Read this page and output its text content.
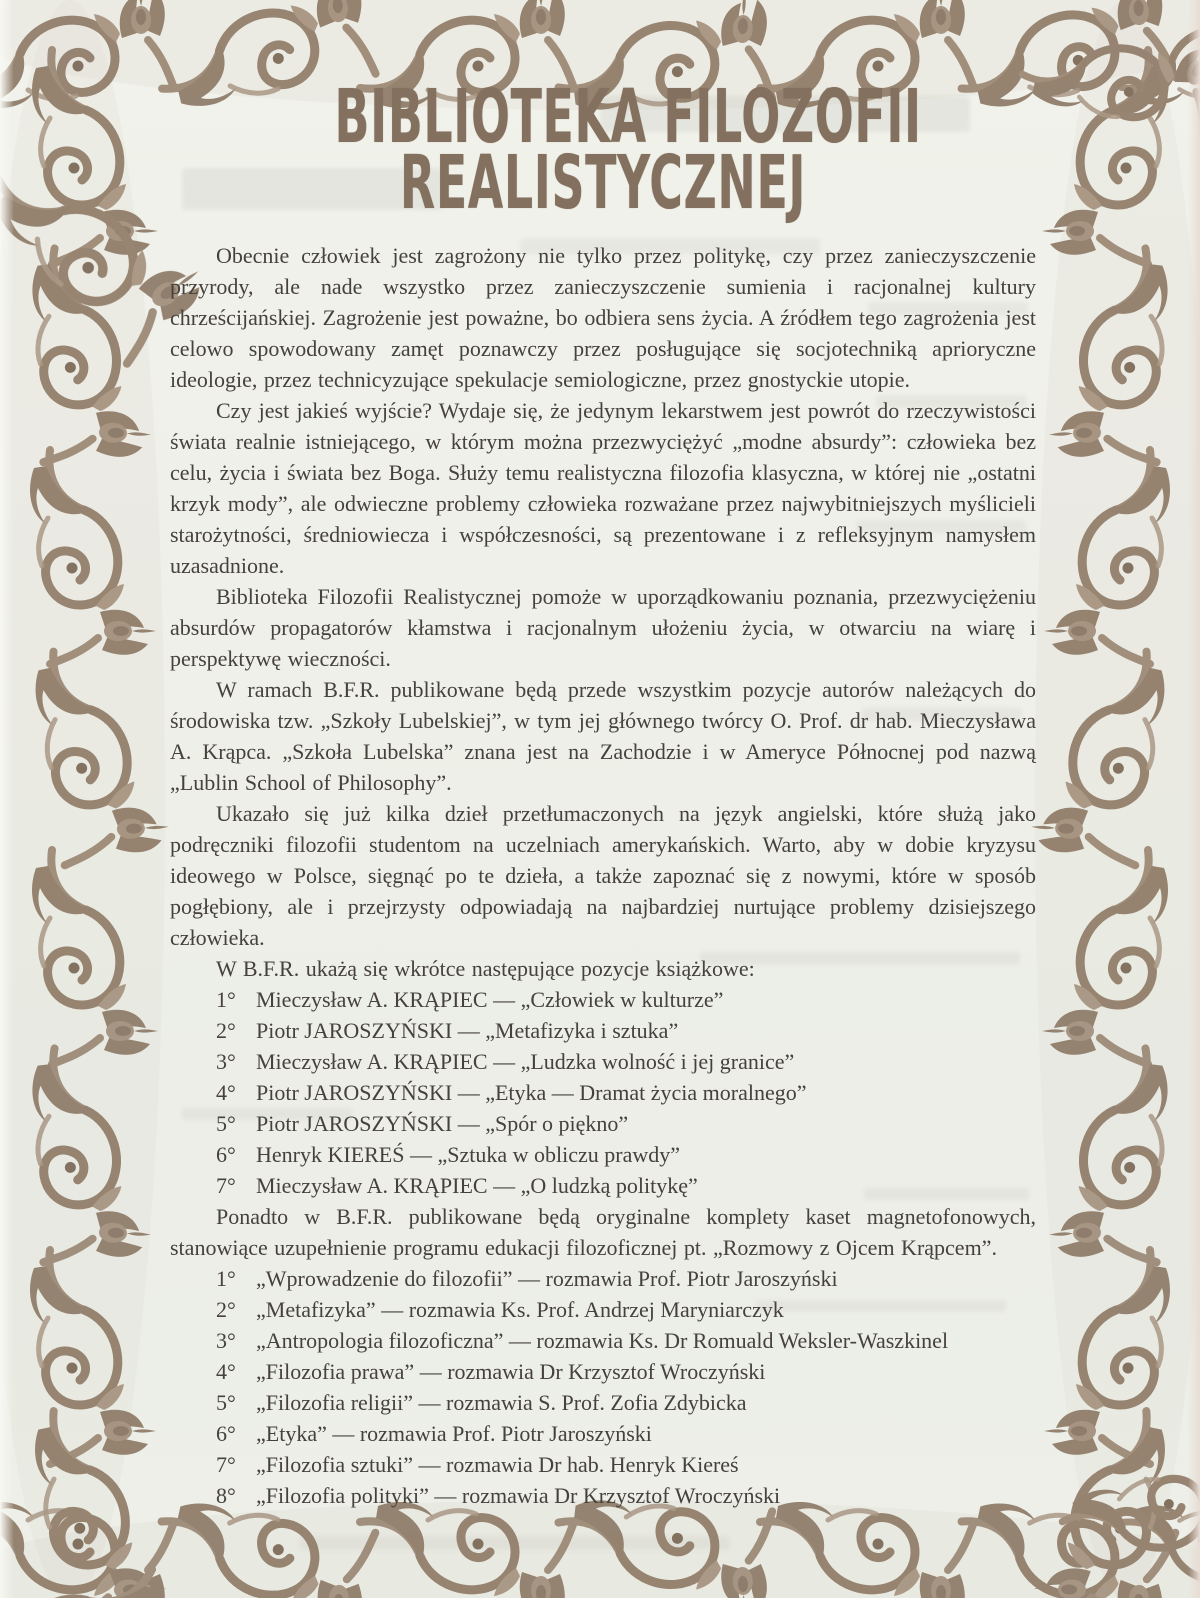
BIBLIOTEKA FILOZOFII
REALISTYCZNEJ

Obecnie człowiek jest zagrożony nie tylko przez politykę, czy przez zanieczyszczenie przyrody, ale nade wszystko przez zanieczyszczenie sumienia i racjonalnej kultury chrześcijańskiej. Zagrożenie jest poważne, bo odbiera sens życia. A źródłem tego zagrożenia jest celowo spowodowany zamęt poznawczy przez posługujące się socjotechniką aprioryczne ideologie, przez technicyzujące spekulacje semiologiczne, przez gnostyckie utopie.

Czy jest jakieś wyjście? Wydaje się, że jedynym lekarstwem jest powrót do rzeczywistości świata realnie istniejącego, w którym można przezwyciężyć „modne absurdy”: człowieka bez celu, życia i świata bez Boga. Służy temu realistyczna filozofia klasyczna, w której nie „ostatni krzyk mody”, ale odwieczne problemy człowieka rozważane przez najwybitniejszych myślicieli starożytności, średniowiecza i współczesności, są prezentowane i z refleksyjnym namysłem uzasadnione.

Biblioteka Filozofii Realistycznej pomoże w uporządkowaniu poznania, przezwyciężeniu absurdów propagatorów kłamstwa i racjonalnym ułożeniu życia, w otwarciu na wiarę i perspektywę wieczności.

W ramach B.F.R. publikowane będą przede wszystkim pozycje autorów należących do środowiska tzw. „Szkoły Lubelskiej”, w tym jej głównego twórcy O. Prof. dr hab. Mieczysława A. Krąpca. „Szkoła Lubelska” znana jest na Zachodzie i w Ameryce Północnej pod nazwą „Lublin School of Philosophy”.

Ukazało się już kilka dzieł przetłumaczonych na język angielski, które służą jako podręczniki filozofii studentom na uczelniach amerykańskich. Warto, aby w dobie kryzysu ideowego w Polsce, sięgnąć po te dzieła, a także zapoznać się z nowymi, które w sposób pogłębiony, ale i przejrzysty odpowiadają na najbardziej nurtujące problemy dzisiejszego człowieka.

W B.F.R. ukażą się wkrótce następujące pozycje książkowe:

1° Mieczysław A. KRĄPIEC — „Człowiek w kulturze”
2° Piotr JAROSZYŃSKI — „Metafizyka i sztuka”
3° Mieczysław A. KRĄPIEC — „Ludzka wolność i jej granice”
4° Piotr JAROSZYŃSKI — „Etyka — Dramat życia moralnego”
5° Piotr JAROSZYŃSKI — „Spór o piękno”
6° Henryk KIEREŚ — „Sztuka w obliczu prawdy”
7° Mieczysław A. KRĄPIEC — „O ludzką politykę”

Ponadto w B.F.R. publikowane będą oryginalne komplety kaset magnetofonowych, stanowiące uzupełnienie programu edukacji filozoficznej pt. „Rozmowy z Ojcem Krąpcem”.

1° „Wprowadzenie do filozofii” — rozmawia Prof. Piotr Jaroszyński
2° „Metafizyka” — rozmawia Ks. Prof. Andrzej Maryniarczyk
3° „Antropologia filozoficzna” — rozmawia Ks. Dr Romuald Weksler-Waszkinel
4° „Filozofia prawa” — rozmawia Dr Krzysztof Wroczyński
5° „Filozofia religii” — rozmawia S. Prof. Zofia Zdybicka
6° „Etyka” — rozmawia Prof. Piotr Jaroszyński
7° „Filozofia sztuki” — rozmawia Dr hab. Henryk Kiereś
8° „Filozofia polityki” — rozmawia Dr Krzysztof Wroczyński
